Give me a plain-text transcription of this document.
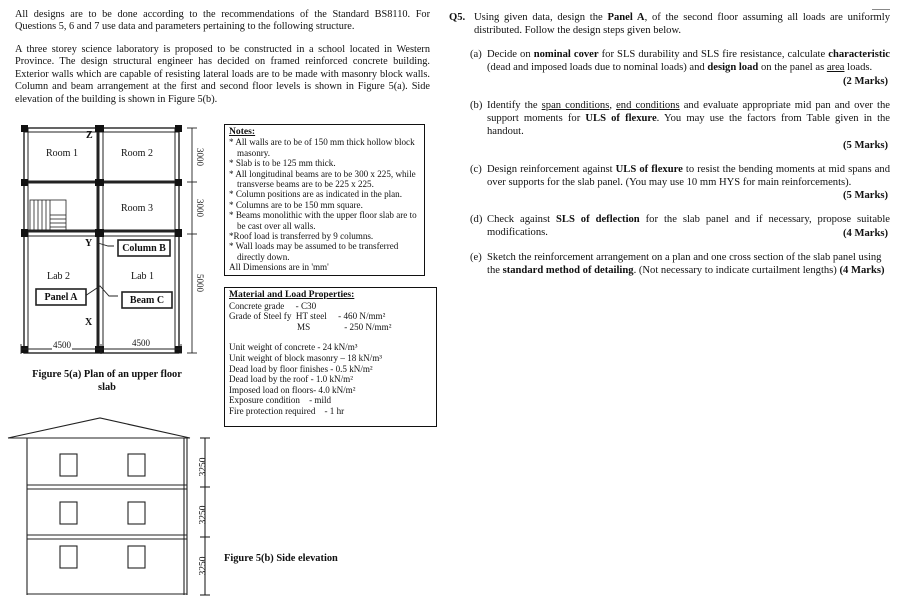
All designs are to be done according to the recommendations of the Standard BS8110. For Questions 5, 6 and 7 use data and parameters pertaining to the following structure.
A three storey science laboratory is proposed to be constructed in a school located in Western Province. The design structural engineer has decided on framed reinforced concrete building. Exterior walls which are capable of resisting lateral loads are to be made with masonry block walls. Column and beam arrangement at the first and second floor levels is shown in Figure 5(a). Side elevation of the building is shown in Figure 5(b).
Room 1	Room 2
Room 3
Lab 2	Lab 1
Z
Y
X
Column B
Panel A	Beam C
3000
3000
5000
4500	4500
Figure 5(a) Plan of an upper floor slab
Notes:
* All walls are to be of 150 mm thick hollow block masonry.
* Slab is to be 125 mm thick.
* All longitudinal beams are to be 300 x 225, while transverse beams are to be 225 x 225.
* Column positions are as indicated in the plan.
* Columns are to be 150 mm square.
* Beams monolithic with the upper floor slab are to be cast over all walls.
*Roof load is transferred by 9 columns.
* Wall loads may be assumed to be transferred directly down.
All Dimensions are in 'mm'
Material and Load Properties:
Concrete grade     - C30
Grade of Steel fy  HT steel     - 460 N/mm²
MS               - 250 N/mm²
Unit weight of concrete - 24 kN/m³
Unit weight of block masonry – 18 kN/m³
Dead load by floor finishes - 0.5 kN/m²
Dead load by the roof - 1.0 kN/m²
Imposed load on floors- 4.0 kN/m²
Exposure condition    - mild
Fire protection required    - 1 hr
3250
3250
3250 Figure 5(b) Side elevation
Q5. Using given data, design the Panel A, of the second floor assuming all loads are uniformly distributed. Follow the design steps given below.
(a) Decide on nominal cover for SLS durability and SLS fire resistance, calculate characteristic (dead and imposed loads due to nominal loads) and design load on the panel as area loads.
(2 Marks)
(b) Identify the span conditions, end conditions and evaluate appropriate mid pan and over the support moments for ULS of flexure. You may use the factors from Table given in the handout.
(5 Marks)
(c) Design reinforcement against ULS of flexure to resist the bending moments at mid spans and over supports for the slab panel. (You may use 10 mm HYS for main reinforcements).
(5 Marks)
(d) Check against SLS of deflection for the slab panel and if necessary, propose suitable modifications.	(4 Marks)
(e) Sketch the reinforcement arrangement on a plan and one cross section of the slab panel using the standard method of detailing. (Not necessary to indicate curtailment lengths) (4 Marks)
